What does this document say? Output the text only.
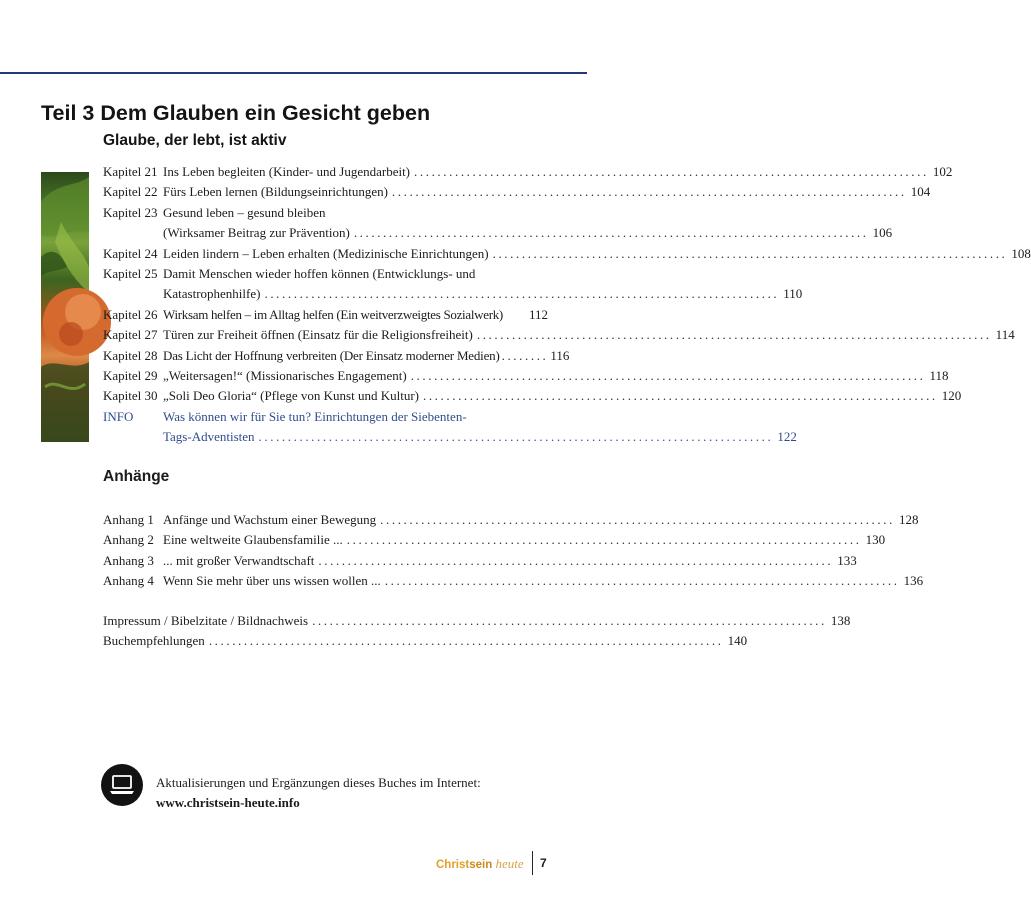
Teil 3 Dem Glauben ein Gesicht geben
Glaube, der lebt, ist aktiv
Kapitel 21 Ins Leben begleiten (Kinder- und Jugendarbeit) ........................................................................................ 102
Kapitel 22 Fürs Leben lernen (Bildungseinrichtungen) ........................................................................................ 104
Kapitel 23 Gesund leben – gesund bleiben
(Wirksamer Beitrag zur Prävention) ........................................................................................ 106
Kapitel 24 Leiden lindern – Leben erhalten (Medizinische Einrichtungen) ........................................................................................ 108
Kapitel 25 Damit Menschen wieder hoffen können (Entwicklungs- und
Katastrophenhilfe) ........................................................................................ 110
Kapitel 26 Wirksam helfen – im Alltag helfen (Ein weitverzweigtes Sozialwerk) 112
Kapitel 27 Türen zur Freiheit öffnen (Einsatz für die Religionsfreiheit) ........................................................................................ 114
Kapitel 28 Das Licht der Hoffnung verbreiten (Der Einsatz moderner Medien) ........ 116
Kapitel 29 „Weitersagen!“ (Missionarisches Engagement) ........................................................................................ 118
Kapitel 30 „Soli Deo Gloria“ (Pflege von Kunst und Kultur) ........................................................................................ 120
INFO	Was können wir für Sie tun? Einrichtungen der Siebenten-
Tags-Adventisten ........................................................................................ 122
Anhänge
Anhang 1 Anfänge und Wachstum einer Bewegung ........................................................................................ 128
Anhang 2 Eine weltweite Glaubensfamilie ... ........................................................................................ 130
Anhang 3 ... mit großer Verwandtschaft ........................................................................................ 133
Anhang 4 Wenn Sie mehr über uns wissen wollen ... ........................................................................................ 136
Impressum / Bibelzitate / Bildnachweis ........................................................................................ 138
Buchempfehlungen ........................................................................................ 140
Aktualisierungen und Ergänzungen dieses Buches im Internet:
www.christsein-heute.info
Christsein heute 7
